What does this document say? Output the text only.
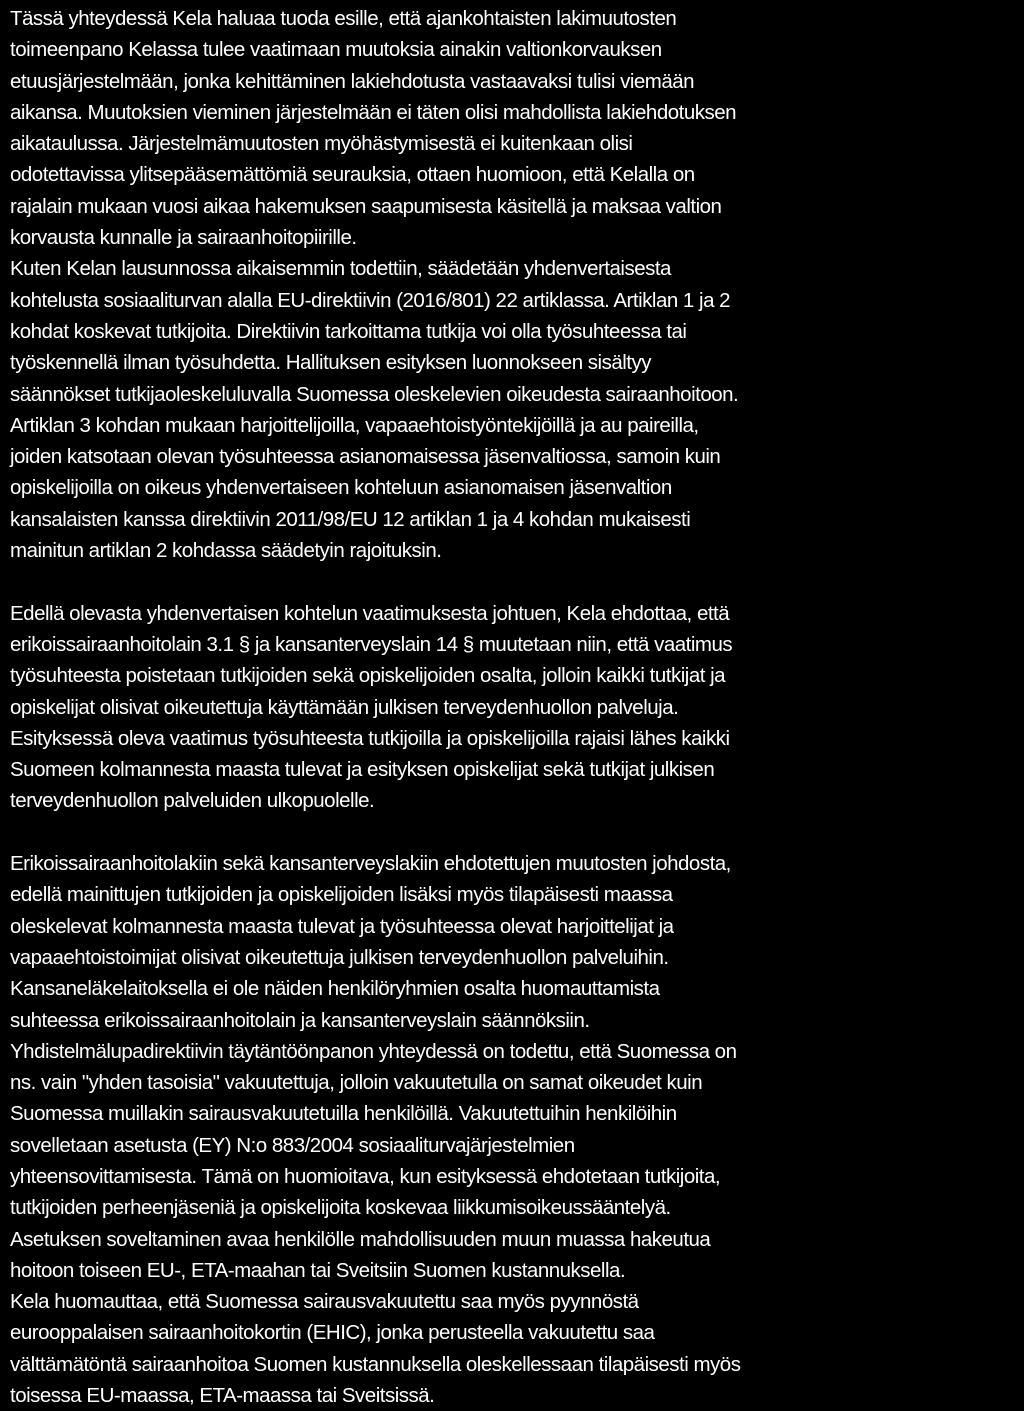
Tässä yhteydessä Kela haluaa tuoda esille, että ajankohtaisten lakimuutosten
toimeenpano Kelassa tulee vaatimaan muutoksia ainakin valtionkorvauksen
etuusjärjestelmään, jonka kehittäminen lakiehdotusta vastaavaksi tulisi viemään
aikansa. Muutoksien vieminen järjestelmään ei täten olisi mahdollista lakiehdotuksen
aikataulussa. Järjestelmämuutosten myöhästymisestä ei kuitenkaan olisi
odotettavissa ylitsepääsemättömiä seurauksia, ottaen huomioon, että Kelalla on
rajalain mukaan vuosi aikaa hakemuksen saapumisesta käsitellä ja maksaa valtion
korvausta kunnalle ja sairaanhoitopiirille.
Kuten Kelan lausunnossa aikaisemmin todettiin, säädetään yhdenvertaisesta
kohtelusta sosiaaliturvan alalla EU-direktiivin (2016/801) 22 artiklassa. Artiklan 1 ja 2
kohdat koskevat tutkijoita. Direktiivin tarkoittama tutkija voi olla työsuhteessa tai
työskennellä ilman työsuhdetta. Hallituksen esityksen luonnokseen sisältyy
säännökset tutkijaoleskeluluvalla Suomessa oleskelevien oikeudesta sairaanhoitoon.
Artiklan 3 kohdan mukaan harjoittelijoilla, vapaaehtoistyöntekijöillä ja au paireilla,
joiden katsotaan olevan työsuhteessa asianomaisessa jäsenvaltiossa, samoin kuin
opiskelijoilla on oikeus yhdenvertaiseen kohteluun asianomaisen jäsenvaltion
kansalaisten kanssa direktiivin 2011/98/EU 12 artiklan 1 ja 4 kohdan mukaisesti
mainitun artiklan 2 kohdassa säädetyin rajoituksin.
Edellä olevasta yhdenvertaisen kohtelun vaatimuksesta johtuen, Kela ehdottaa, että
erikoissairaanhoitolain 3.1 § ja kansanterveyslain 14 § muutetaan niin, että vaatimus
työsuhteesta poistetaan tutkijoiden sekä opiskelijoiden osalta, jolloin kaikki tutkijat ja
opiskelijat olisivat oikeutettuja käyttämään julkisen terveydenhuollon palveluja.
Esityksessä oleva vaatimus työsuhteesta tutkijoilla ja opiskelijoilla rajaisi lähes kaikki
Suomeen kolmannesta maasta tulevat ja esityksen opiskelijat sekä tutkijat julkisen
terveydenhuollon palveluiden ulkopuolelle.
Erikoissairaanhoitolakiin sekä kansanterveyslakiin ehdotettujen muutosten johdosta,
edellä mainittujen tutkijoiden ja opiskelijoiden lisäksi myös tilapäisesti maassa
oleskelevat kolmannesta maasta tulevat ja työsuhteessa olevat harjoittelijat ja
vapaaehtoistoimijat olisivat oikeutettuja julkisen terveydenhuollon palveluihin.
Kansaneläkelaitoksella ei ole näiden henkilöryhmien osalta huomauttamista
suhteessa erikoissairaanhoitolain ja kansanterveyslain säännöksiin.
Yhdistelmälupadirektiivin täytäntöönpanon yhteydessä on todettu, että Suomessa on
ns. vain "yhden tasoisia" vakuutettuja, jolloin vakuutetulla on samat oikeudet kuin
Suomessa muillakin sairausvakuutetuilla henkilöillä. Vakuutettuihin henkilöihin
sovelletaan asetusta (EY) N:o 883/2004 sosiaaliturvajärjestelmien
yhteensovittamisesta. Tämä on huomioitava, kun esityksessä ehdotetaan tutkijoita,
tutkijoiden perheenjäseniä ja opiskelijoita koskevaa liikkumisoikeussääntelyä.
Asetuksen soveltaminen avaa henkilölle mahdollisuuden muun muassa hakeutua
hoitoon toiseen EU-, ETA-maahan tai Sveitsiin Suomen kustannuksella.
Kela huomauttaa, että Suomessa sairausvakuutettu saa myös pyynnöstä
eurooppalaisen sairaanhoitokortin (EHIC), jonka perusteella vakuutettu saa
välttämätöntä sairaanhoitoa Suomen kustannuksella oleskellessaan tilapäisesti myös
toisessa EU-maassa, ETA-maassa tai Sveitsissä.
